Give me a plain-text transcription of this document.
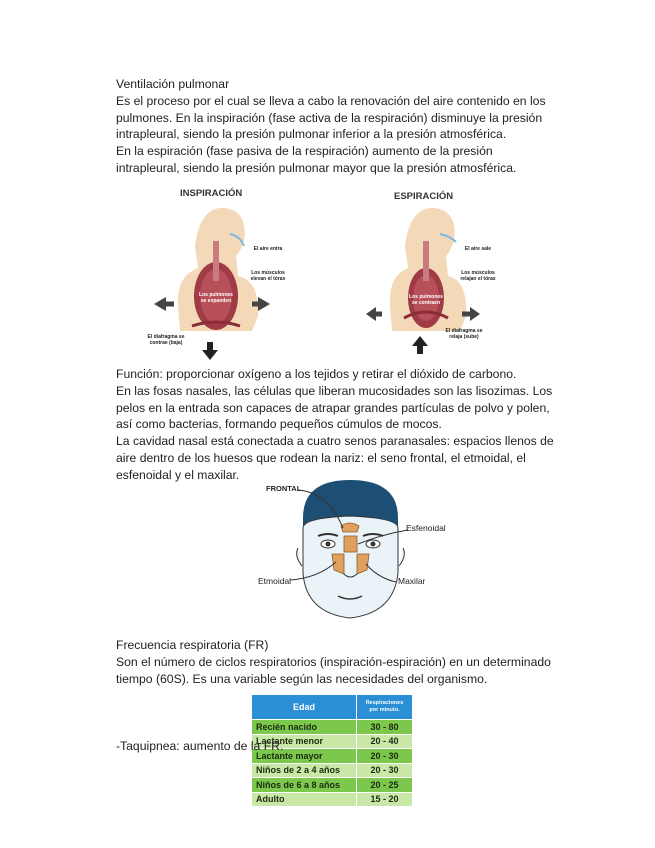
Ventilación pulmonar

Es el proceso por el cual se lleva a cabo la renovación del aire contenido en los

pulmones. En la inspiración (fase activa de la respiración) disminuye la presión

intrapleural, siendo la presión pulmonar inferior a la presión atmosférica.

En la espiración (fase pasiva de la respiración) aumento de la presión

intrapleural, siendo la presión pulmonar mayor que la presión atmosférica.

INSPIRACIÓN	ESPIRACIÓN
El aire entra
Los músculos elevan el tórax
Los pulmones se expanden
El diafragma se contrae (baja)
El aire sale
Los músculos relajan el tórax
Los pulmones se contraen
El diafragma se relaja (sube)

Función: proporcionar oxígeno a los tejidos y retirar el dióxido de carbono.

En las fosas nasales, las células que liberan mucosidades son las lisozimas. Los

pelos en la entrada son capaces de atrapar grandes partículas de polvo y polen,

así como bacterias, formando pequeños cúmulos de mocos.

La cavidad nasal está conectada a cuatro senos paranasales: espacios llenos de

aire dentro de los huesos que rodean la nariz: el seno frontal, el etmoidal, el

esfenoidal y el maxilar.

FRONTAL
Esfenoidal
Etmoidal	Maxilar

Frecuencia respiratoria (FR)

Son el número de ciclos respiratorios (inspiración-espiración) en un determinado

tiempo (60S). Es una variable según las necesidades del organismo.

Edad	Respiraciones por minuto.
Recién nacido	30 - 80
Lactante menor	20 - 40
Lactante mayor	20 - 30
Niños de 2 a 4 años	20 - 30
Niños de 6 a 8 años	20 - 25
Adulto	15 - 20
-Taquipnea: aumento de la FR.
